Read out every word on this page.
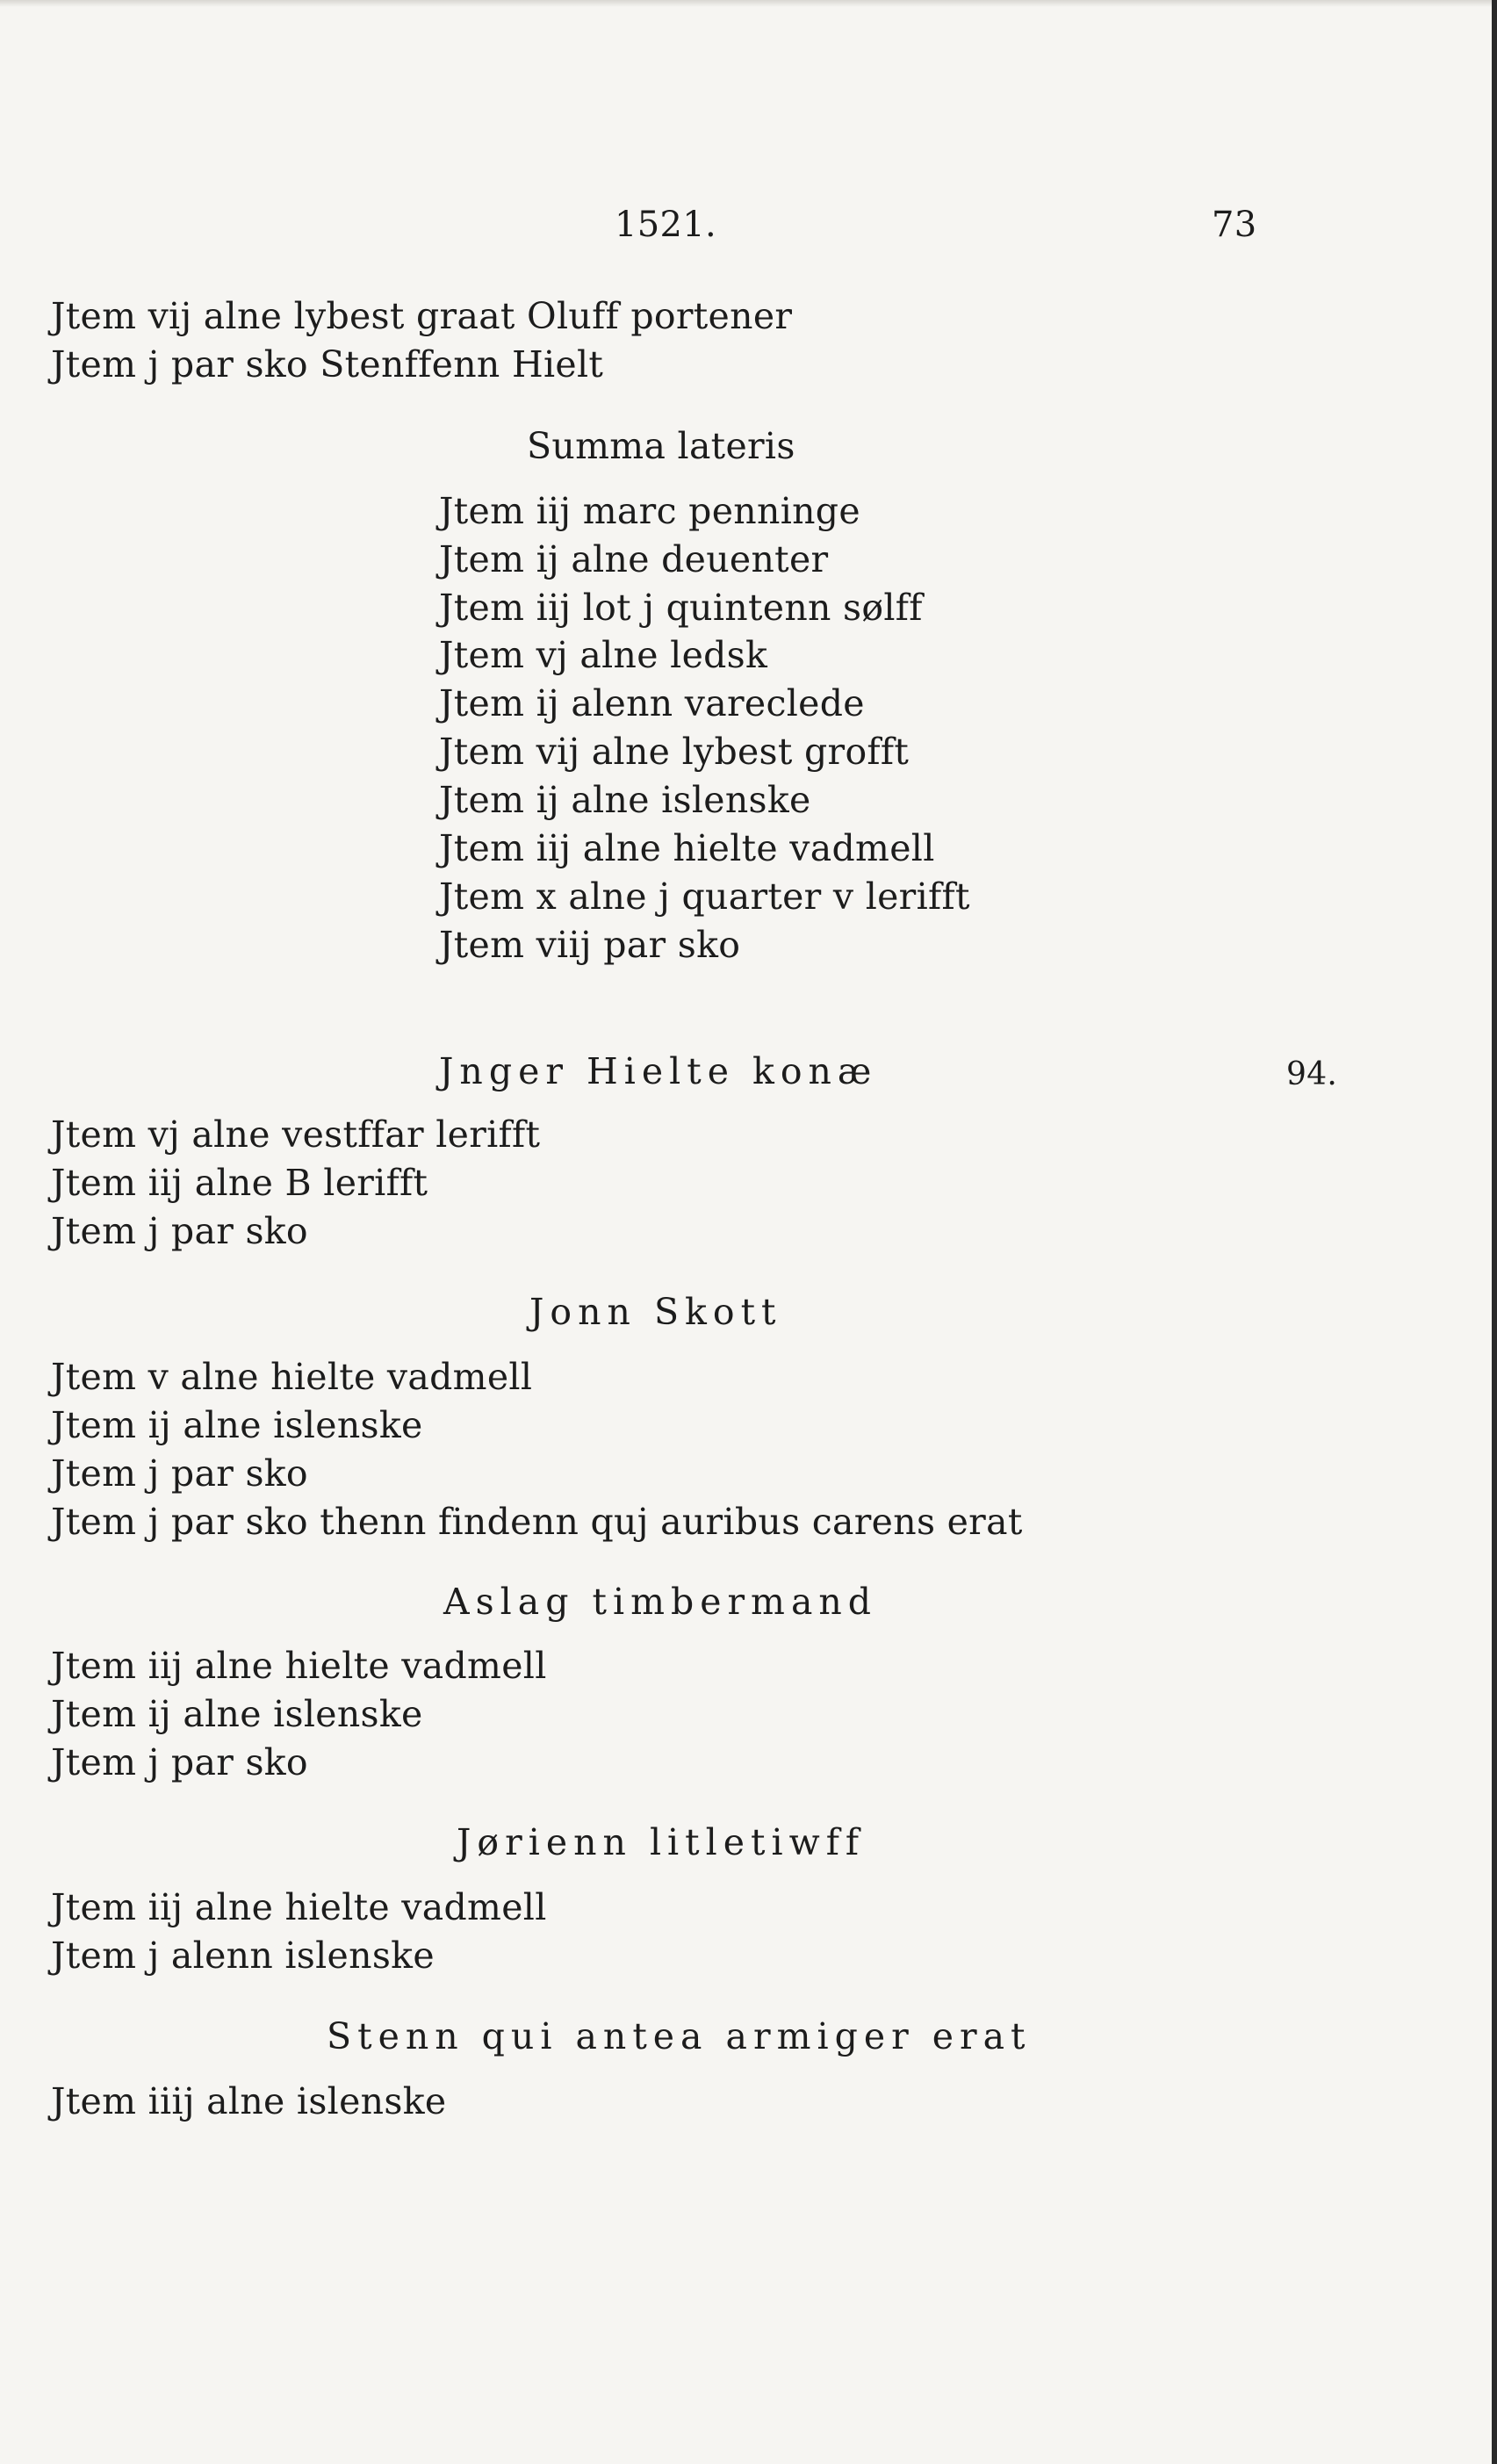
1521.	73
Jtem vij alne lybest graat Oluff portener
Jtem j par sko Stenffenn Hielt
Summa lateris
Jtem iij marc penninge
Jtem ij alne deuenter
Jtem iij lot j quintenn sølff
Jtem vj alne ledsk
Jtem ij alenn vareclede
Jtem vij alne lybest grofft
Jtem ij alne islenske
Jtem iij alne hielte vadmell
Jtem x alne j quarter v lerifft
Jtem viij par sko
Jnger Hielte konæ	94.
Jtem vj alne vestffar lerifft
Jtem iij alne B lerifft
Jtem j par sko
Jonn Skott
Jtem v alne hielte vadmell
Jtem ij alne islenske
Jtem j par sko
Jtem j par sko thenn findenn quj auribus carens erat
Aslag timbermand
Jtem iij alne hielte vadmell
Jtem ij alne islenske
Jtem j par sko
Jørienn litletiwff
Jtem iij alne hielte vadmell
Jtem j alenn islenske
Stenn qui antea armiger erat
Jtem iiij alne islenske
